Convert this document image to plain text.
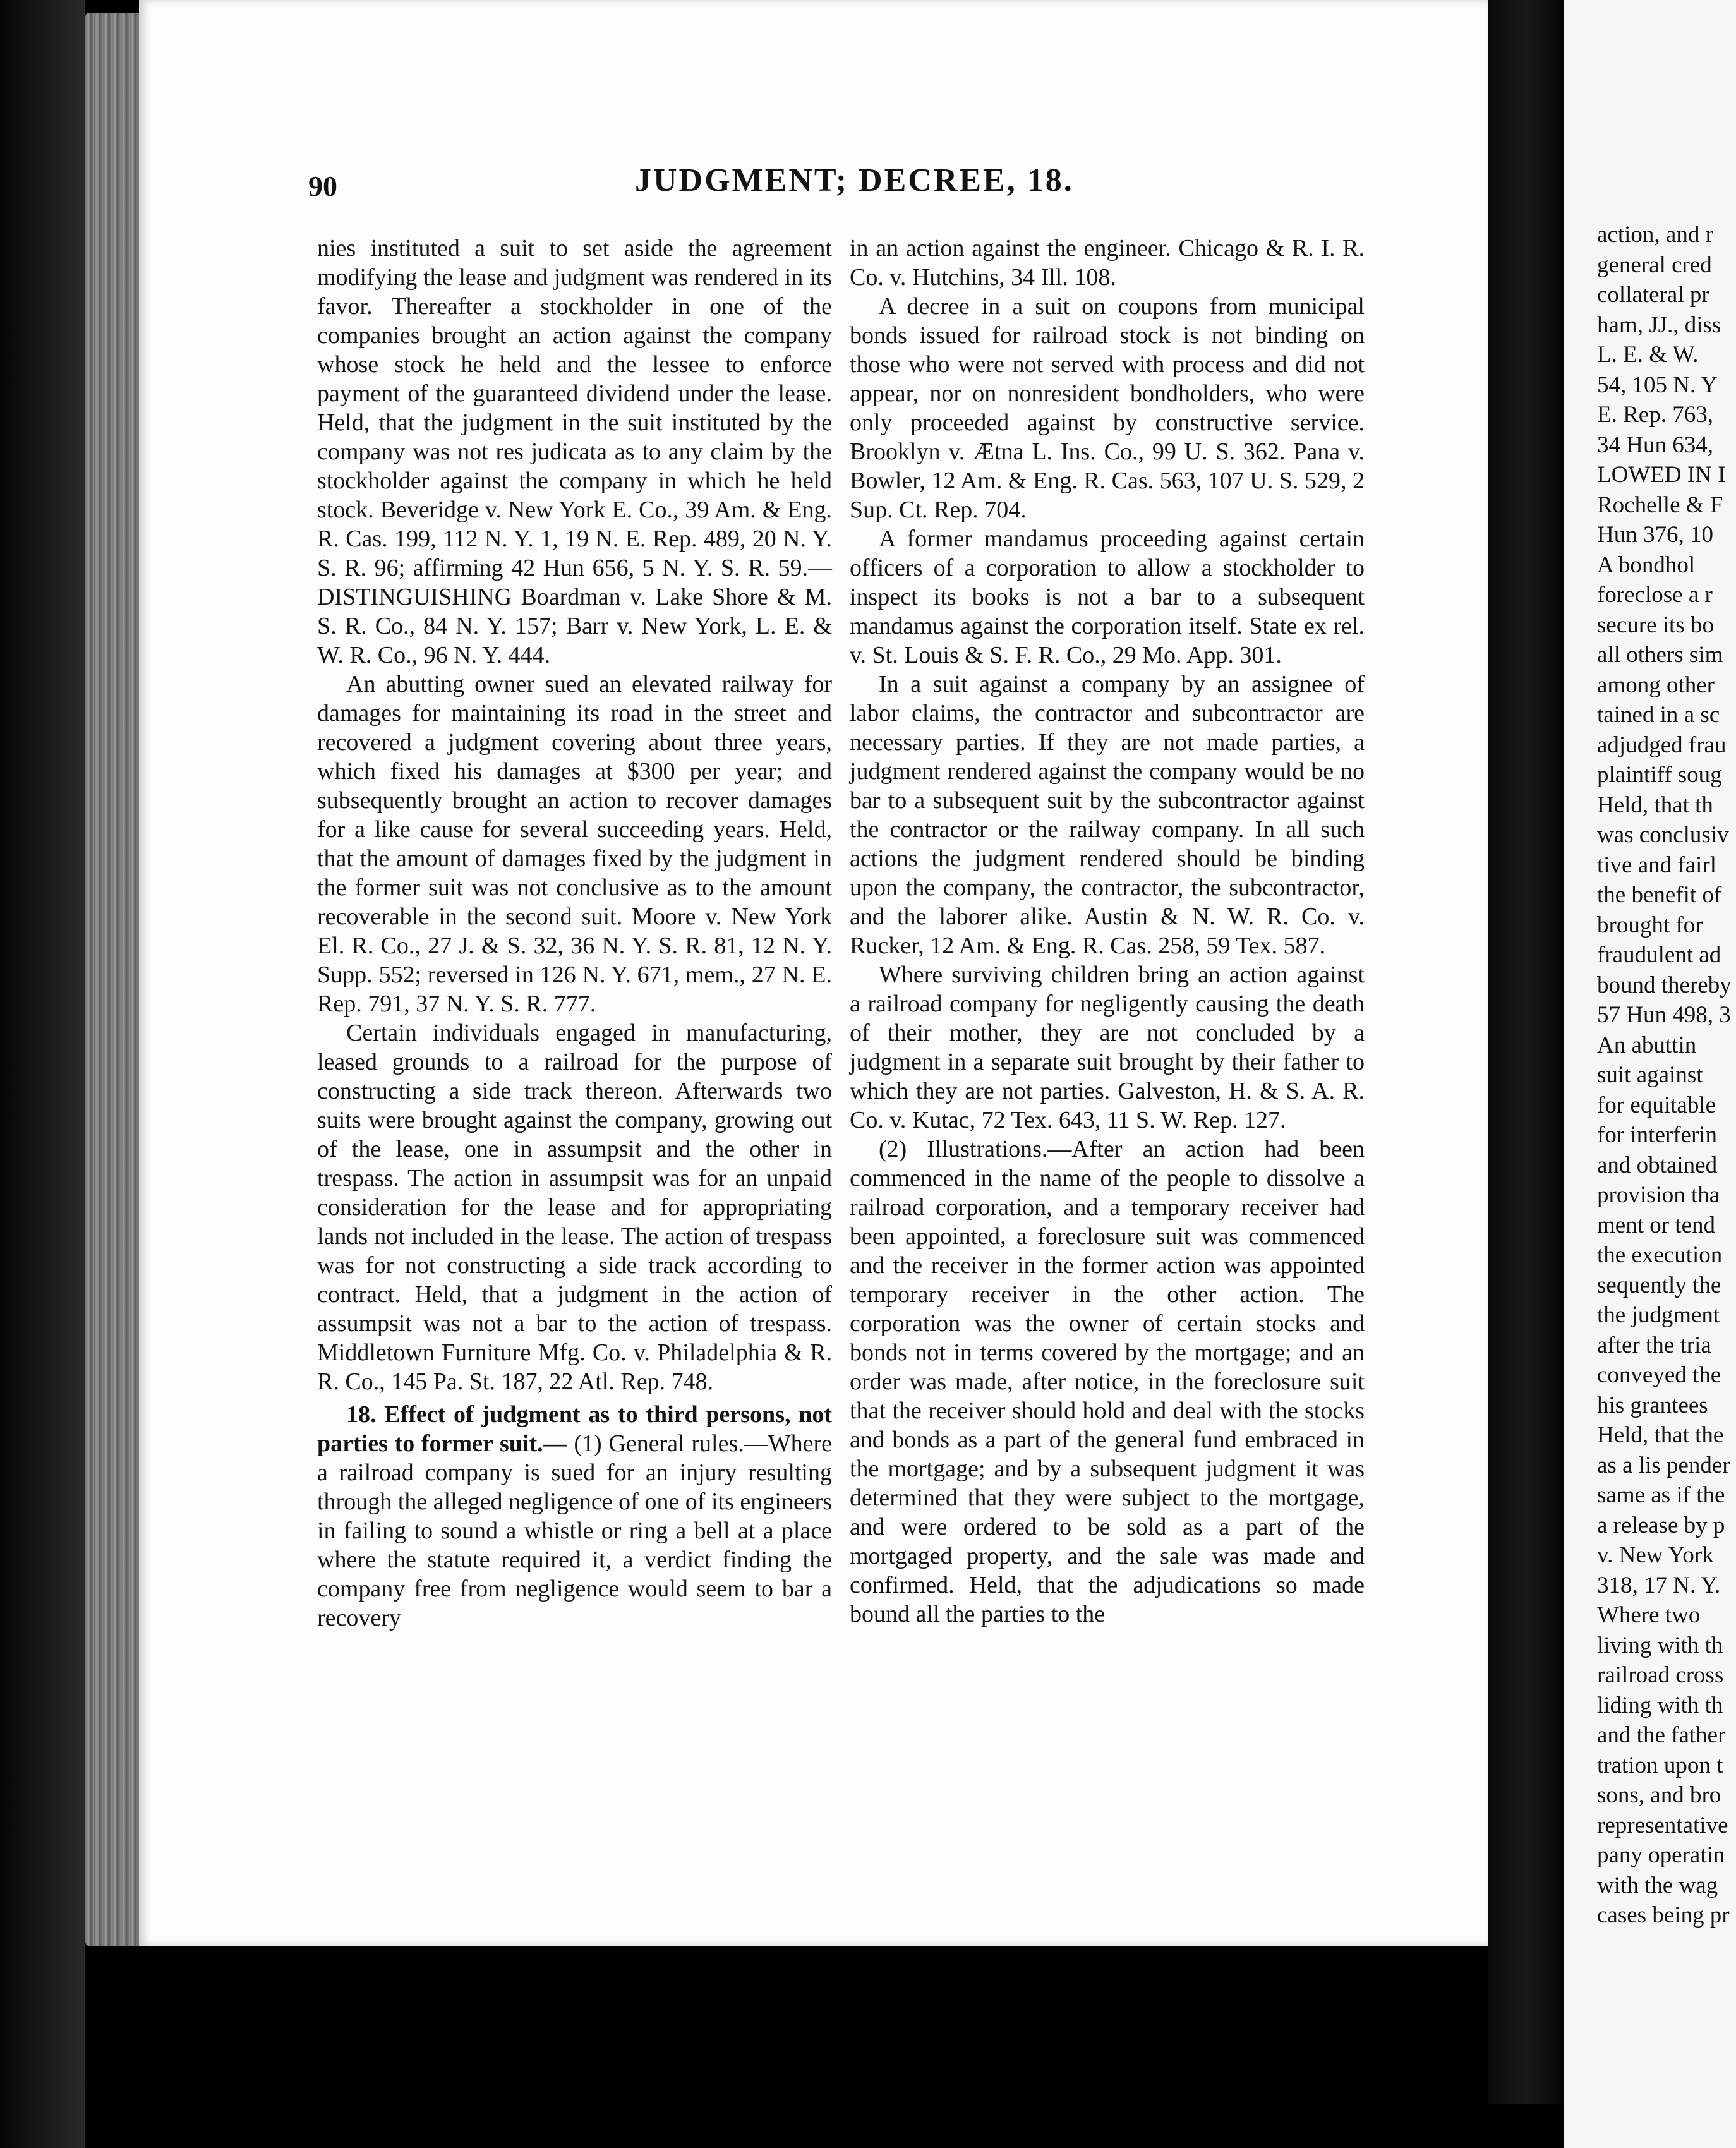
90	JUDGMENT; DECREE, 18.

nies instituted a suit to set aside the agreement modifying the lease and judgment was rendered in its favor. Thereafter a stockholder in one of the companies brought an action against the company whose stock he held and the lessee to enforce payment of the guaranteed dividend under the lease. Held, that the judgment in the suit instituted by the company was not res judicata as to any claim by the stockholder against the company in which he held stock. Beveridge v. New York E. Co., 39 Am. & Eng. R. Cas. 199, 112 N. Y. 1, 19 N. E. Rep. 489, 20 N. Y. S. R. 96; affirming 42 Hun 656, 5 N. Y. S. R. 59.—DISTINGUISHING Boardman v. Lake Shore & M. S. R. Co., 84 N. Y. 157; Barr v. New York, L. E. & W. R. Co., 96 N. Y. 444.

An abutting owner sued an elevated railway for damages for maintaining its road in the street and recovered a judgment covering about three years, which fixed his damages at $300 per year; and subsequently brought an action to recover damages for a like cause for several succeeding years. Held, that the amount of damages fixed by the judgment in the former suit was not conclusive as to the amount recoverable in the second suit. Moore v. New York El. R. Co., 27 J. & S. 32, 36 N. Y. S. R. 81, 12 N. Y. Supp. 552; reversed in 126 N. Y. 671, mem., 27 N. E. Rep. 791, 37 N. Y. S. R. 777.

Certain individuals engaged in manufacturing, leased grounds to a railroad for the purpose of constructing a side track thereon. Afterwards two suits were brought against the company, growing out of the lease, one in assumpsit and the other in trespass. The action in assumpsit was for an unpaid consideration for the lease and for appropriating lands not included in the lease. The action of trespass was for not constructing a side track according to contract. Held, that a judgment in the action of assumpsit was not a bar to the action of trespass. Middletown Furniture Mfg. Co. v. Philadelphia & R. R. Co., 145 Pa. St. 187, 22 Atl. Rep. 748.

18. Effect of judgment as to third persons, not parties to former suit.— (1) General rules.—Where a railroad company is sued for an injury resulting through the alleged negligence of one of its engineers in failing to sound a whistle or ring a bell at a place where the statute required it, a verdict finding the company free from negligence would seem to bar a recovery

in an action against the engineer. Chicago & R. I. R. Co. v. Hutchins, 34 Ill. 108.

A decree in a suit on coupons from municipal bonds issued for railroad stock is not binding on those who were not served with process and did not appear, nor on nonresident bondholders, who were only proceeded against by constructive service. Brooklyn v. Ætna L. Ins. Co., 99 U. S. 362. Pana v. Bowler, 12 Am. & Eng. R. Cas. 563, 107 U. S. 529, 2 Sup. Ct. Rep. 704.

A former mandamus proceeding against certain officers of a corporation to allow a stockholder to inspect its books is not a bar to a subsequent mandamus against the corporation itself. State ex rel. v. St. Louis & S. F. R. Co., 29 Mo. App. 301.

In a suit against a company by an assignee of labor claims, the contractor and subcontractor are necessary parties. If they are not made parties, a judgment rendered against the company would be no bar to a subsequent suit by the subcontractor against the contractor or the railway company. In all such actions the judgment rendered should be binding upon the company, the contractor, the subcontractor, and the laborer alike. Austin & N. W. R. Co. v. Rucker, 12 Am. & Eng. R. Cas. 258, 59 Tex. 587.

Where surviving children bring an action against a railroad company for negligently causing the death of their mother, they are not concluded by a judgment in a separate suit brought by their father to which they are not parties. Galveston, H. & S. A. R. Co. v. Kutac, 72 Tex. 643, 11 S. W. Rep. 127.

(2) Illustrations.—After an action had been commenced in the name of the people to dissolve a railroad corporation, and a temporary receiver had been appointed, a foreclosure suit was commenced and the receiver in the former action was appointed temporary receiver in the other action. The corporation was the owner of certain stocks and bonds not in terms covered by the mortgage; and an order was made, after notice, in the foreclosure suit that the receiver should hold and deal with the stocks and bonds as a part of the general fund embraced in the mortgage; and by a subsequent judgment it was determined that they were subject to the mortgage, and were ordered to be sold as a part of the mortgaged property, and the sale was made and confirmed. Held, that the adjudications so made bound all the parties to the

action, and r
general cred
collateral pr
ham, JJ., diss
L. E. & W.
54, 105 N. Y
E. Rep. 763,
34 Hun 634,
LOWED IN I
Rochelle & F
Hun 376, 10
A bondhol
foreclose a r
secure its bo
all others sim
among other
tained in a sc
adjudged frau
plaintiff soug
Held, that th
was conclusiv
tive and fairl
the benefit of
brought for
fraudulent ad
bound thereby
57 Hun 498, 3
An abuttin
suit against
for equitable
for interferin
and obtained
provision tha
ment or tend
the execution
sequently the
the judgment
after the tria
conveyed the
his grantees
Held, that the
as a lis pender
same as if the
a release by p
v. New York
318, 17 N. Y.
Where two
living with th
railroad cross
liding with th
and the father
tration upon t
sons, and bro
representative
pany operatin
with the wag
cases being pr
